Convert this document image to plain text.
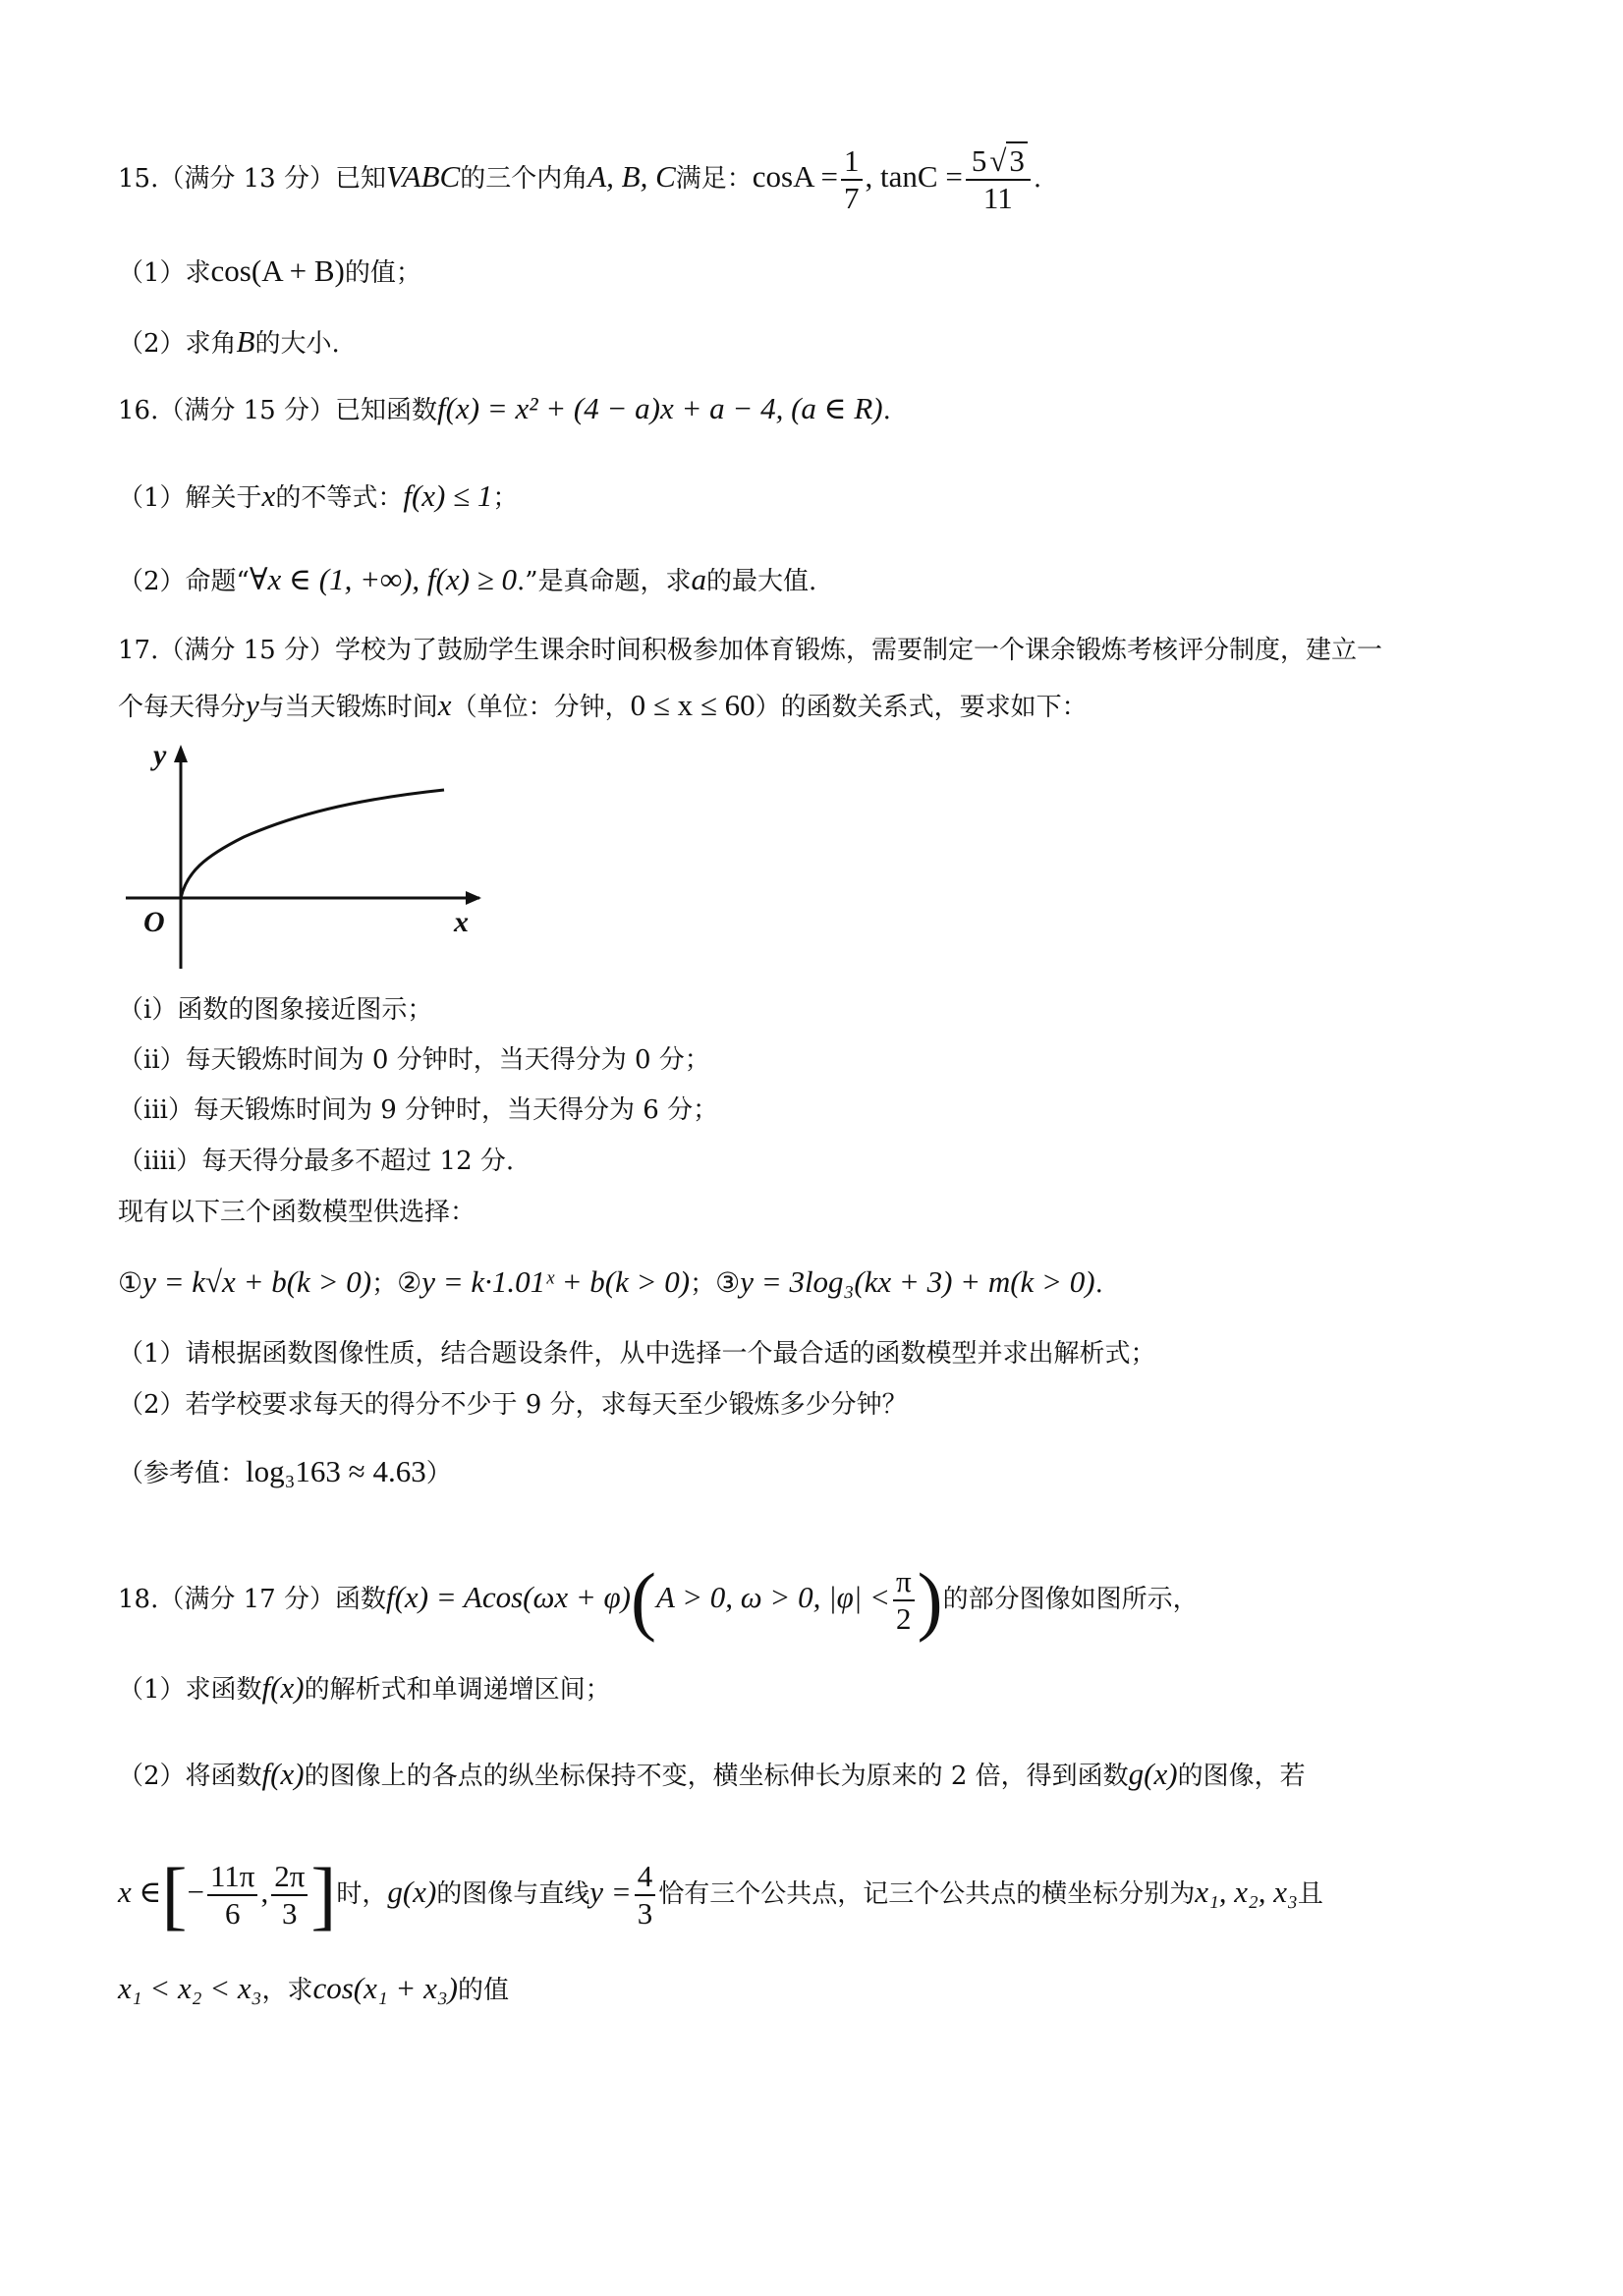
15.（满分 13 分）已知VABC的三个内角A, B, C满足：$\cos A = \frac{1}{7}$ , $\tan C = \frac{5√3}{11}$ .
（1）求cos(A + B)的值；
（2）求角B的大小.
16.（满分 15 分）已知函数f(x) = x² + (4 − a)x + a − 4, (a ∈ R).
（1）解关于x的不等式：f(x) ≤ 1；
（2）命题“∀x ∈ (1, +∞), f(x) ≥ 0.”是真命题，求a的最大值.
17.（满分 15 分）学校为了鼓励学生课余时间积极参加体育锻炼，需要制定一个课余锻炼考核评分制度，建立一
个每天得分y与当天锻炼时间x（单位：分钟，0 ≤ x ≤ 60）的函数关系式，要求如下：
y
x
O
（i）函数的图象接近图示；
（ii）每天锻炼时间为 0 分钟时，当天得分为 0 分；
（iii）每天锻炼时间为 9 分钟时，当天得分为 6 分；
（iiii）每天得分最多不超过 12 分.
现有以下三个函数模型供选择：
①y = k√x + b(k > 0)；②y = k·1.01ˣ + b(k > 0)；③y = 3log₃(kx + 3) + m(k > 0).
（1）请根据函数图像性质，结合题设条件，从中选择一个最合适的函数模型并求出解析式；
（2）若学校要求每天的得分不少于 9 分，求每天至少锻炼多少分钟？
（参考值：log₃163 ≈ 4.63）
18.（满分 17 分）函数f(x) = Acos(ωx + φ)(A > 0, ω > 0, $|\varphi| < \frac{\pi}{2}$ )的部分图像如图所示，
（1）求函数f(x)的解析式和单调递增区间；
（2）将函数f(x)的图像上的各点的纵坐标保持不变，横坐标伸长为原来的 2 倍，得到函数g(x)的图像，若
x ∈[− $\frac{11\pi}{6}$ , $\frac{2\pi}{3}$ ]时，g(x)的图像与直线$y = \frac{4}{3}$ 恰有三个公共点，记三个公共点的横坐标分别为x₁, x₂, x₃且
x₁ < x₂ < x₃，求cos(x₁ + x₃)的值
